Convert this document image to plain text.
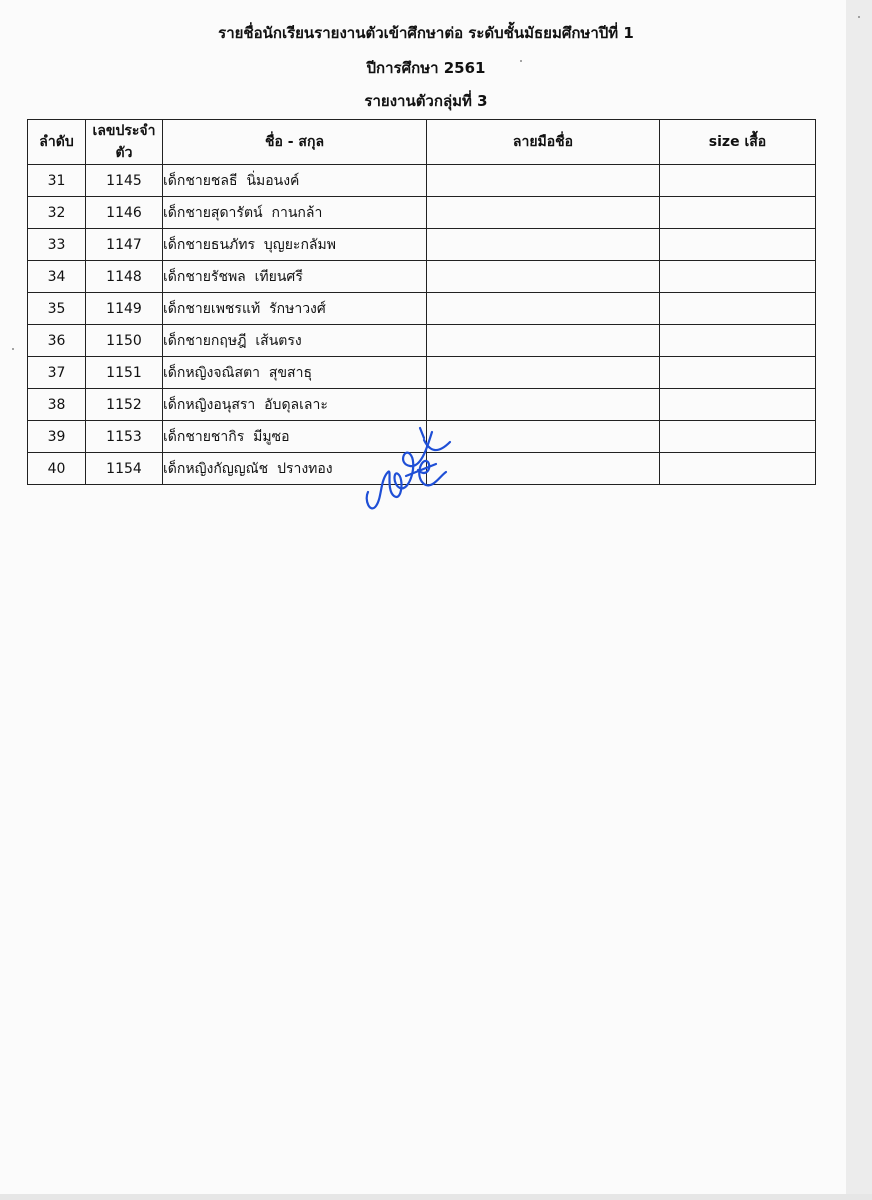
รายชื่อนักเรียนรายงานตัวเข้าศึกษาต่อ ระดับชั้นมัธยมศึกษาปีที่ 1
ปีการศึกษา 2561
รายงานตัวกลุ่มที่ 3
ลำดับ	เลขประจำตัว	ชื่อ - สกุล	ลายมือชื่อ	size เสื้อ
31	1145	เด็กชายชลธี  นิ่มอนงค์		
32	1146	เด็กชายสุดารัตน์  กานกล้า		
33	1147	เด็กชายธนภัทร  บุญยะกลัมพ		
34	1148	เด็กชายรัชพล  เทียนศรี		
35	1149	เด็กชายเพชรแท้  รักษาวงศ์		
36	1150	เด็กชายกฤษฎี  เส้นตรง		
37	1151	เด็กหญิงจณิสตา  สุขสาธุ		
38	1152	เด็กหญิงอนุสรา  อับดุลเลาะ		
39	1153	เด็กชายชากิร  มีมูซอ		
40	1154	เด็กหญิงกัญญณัช  ปรางทอง		
